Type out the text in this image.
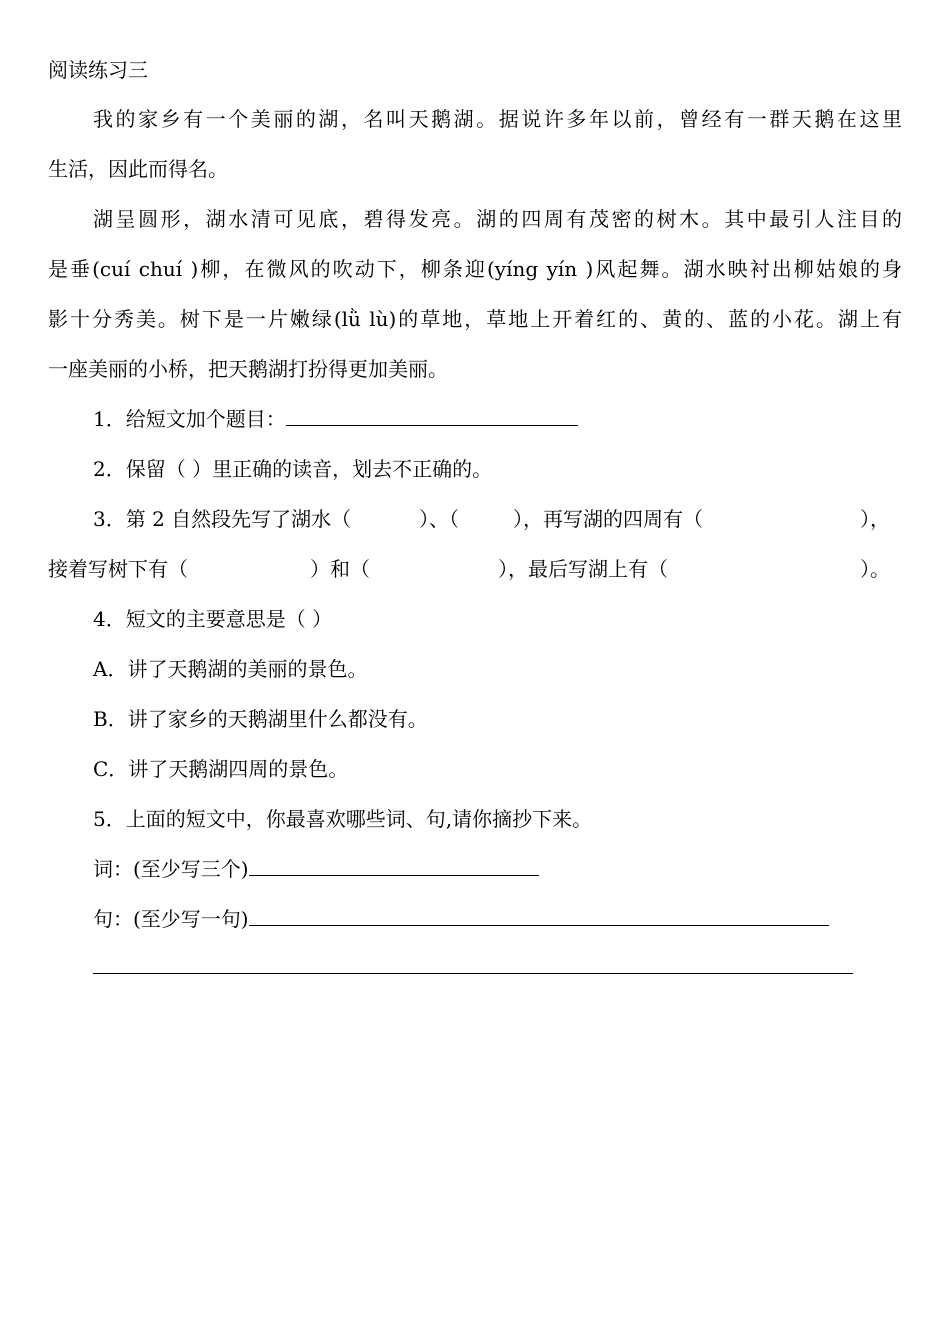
阅读练习三
我的家乡有一个美丽的湖，名叫天鹅湖。据说许多年以前，曾经有一群天鹅在这里
生活，因此而得名。
湖呈圆形，湖水清可见底，碧得发亮。湖的四周有茂密的树木。其中最引人注目的
是垂(cuí chuí )柳，在微风的吹动下，柳条迎(yíng yín )风起舞。湖水映衬出柳姑娘的身
影十分秀美。树下是一片嫩绿(lǜ lù)的草地，草地上开着红的、黄的、蓝的小花。湖上有
一座美丽的小桥，把天鹅湖打扮得更加美丽。
1．给短文加个题目：
2．保留（ ）里正确的读音，划去不正确的。
3．第 2 自然段先写了湖水（	）、（	），再写湖的四周有（	），
接着写树下有（	）和（	），最后写湖上有（	）。
4．短文的主要意思是（ ）
A．讲了天鹅湖的美丽的景色。
B．讲了家乡的天鹅湖里什么都没有。
C．讲了天鹅湖四周的景色。
5．上面的短文中，你最喜欢哪些词、句,请你摘抄下来。
词：(至少写三个)
句：(至少写一句)
